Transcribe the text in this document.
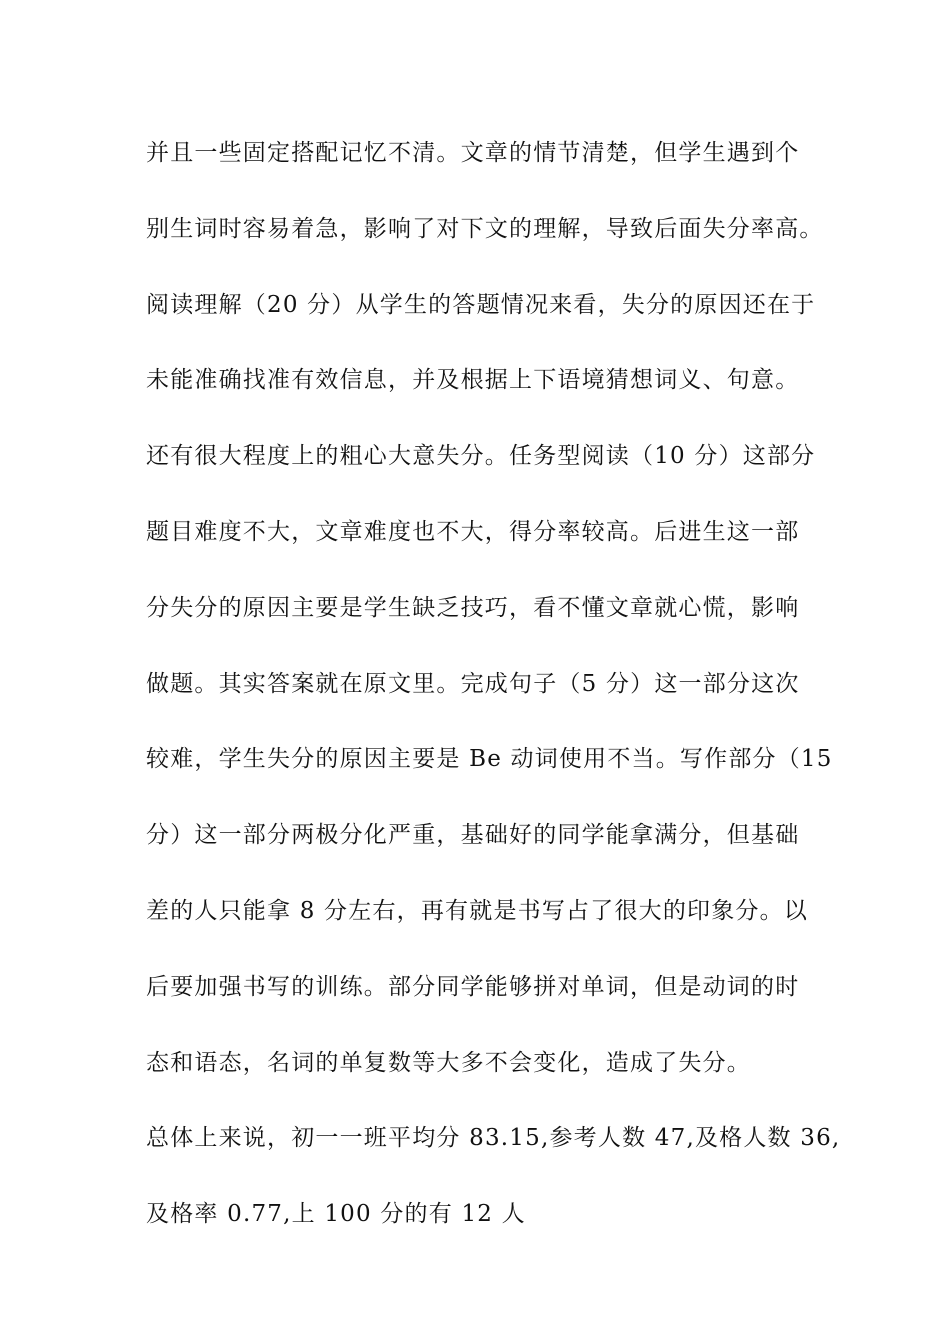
并且一些固定搭配记忆不清。文章的情节清楚，但学生遇到个
别生词时容易着急，影响了对下文的理解，导致后面失分率高。
阅读理解（20 分）从学生的答题情况来看，失分的原因还在于
未能准确找准有效信息，并及根据上下语境猜想词义、句意。
还有很大程度上的粗心大意失分。任务型阅读（10 分）这部分
题目难度不大，文章难度也不大，得分率较高。后进生这一部
分失分的原因主要是学生缺乏技巧，看不懂文章就心慌，影响
做题。其实答案就在原文里。完成句子（5 分）这一部分这次
较难，学生失分的原因主要是 Be 动词使用不当。写作部分（15
分）这一部分两极分化严重，基础好的同学能拿满分，但基础
差的人只能拿 8 分左右，再有就是书写占了很大的印象分。以
后要加强书写的训练。部分同学能够拼对单词，但是动词的时
态和语态，名词的单复数等大多不会变化，造成了失分。
总体上来说，初一一班平均分 83.15,参考人数 47,及格人数 36,
及格率 0.77,上 100 分的有 12 人
